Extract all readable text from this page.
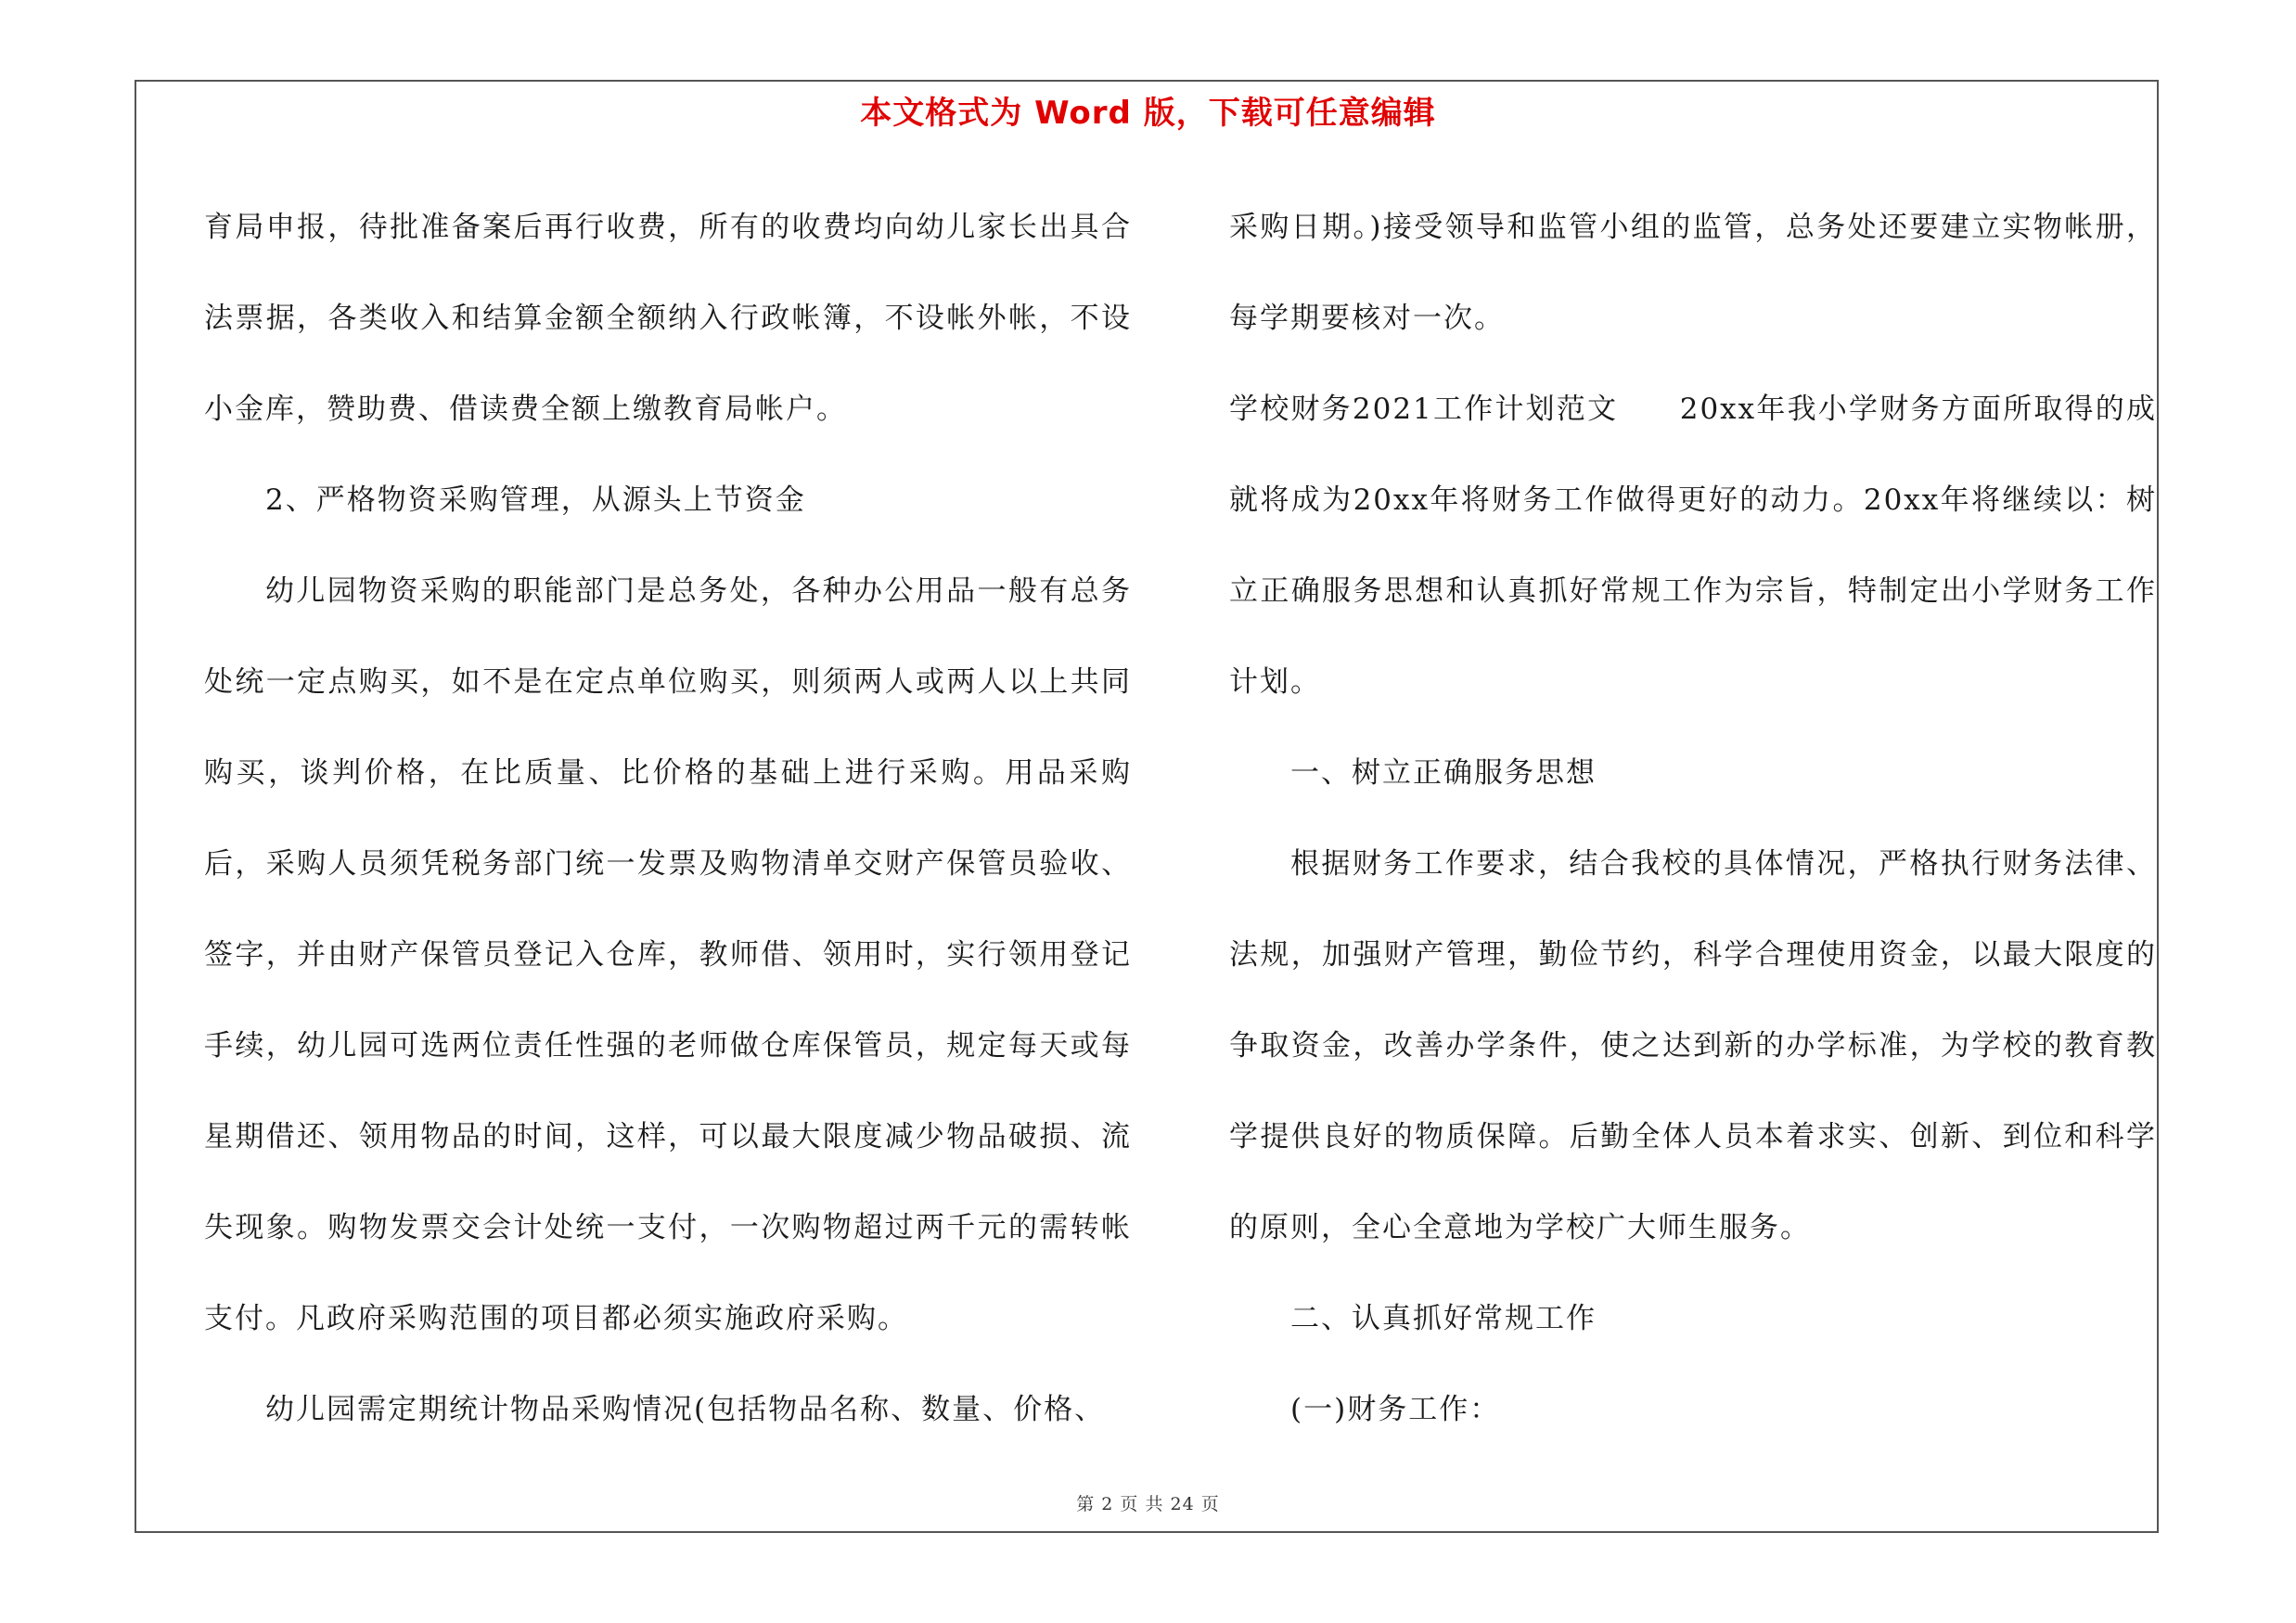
本文格式为 Word 版，下载可任意编辑

育局申报，待批准备案后再行收费，所有的收费均向幼儿家长出具合法票据，各类收入和结算金额全额纳入行政帐簿，不设帐外帐，不设小金库，赞助费、借读费全额上缴教育局帐户。

2、严格物资采购管理，从源头上节资金

幼儿园物资采购的职能部门是总务处，各种办公用品一般有总务处统一定点购买，如不是在定点单位购买，则须两人或两人以上共同购买，谈判价格，在比质量、比价格的基础上进行采购。用品采购后，采购人员须凭税务部门统一发票及购物清单交财产保管员验收、签字，并由财产保管员登记入仓库，教师借、领用时，实行领用登记手续，幼儿园可选两位责任性强的老师做仓库保管员，规定每天或每星期借还、领用物品的时间，这样，可以最大限度减少物品破损、流失现象。购物发票交会计处统一支付，一次购物超过两千元的需转帐支付。凡政府采购范围的项目都必须实施政府采购。

幼儿园需定期统计物品采购情况(包括物品名称、数量、价格、

采购日期。)接受领导和监管小组的监管，总务处还要建立实物帐册，每学期要核对一次。

学校财务2021工作计划范文　　20xx年我小学财务方面所取得的成就将成为20xx年将财务工作做得更好的动力。20xx年将继续以：树立正确服务思想和认真抓好常规工作为宗旨，特制定出小学财务工作计划。

一、树立正确服务思想

根据财务工作要求，结合我校的具体情况，严格执行财务法律、法规，加强财产管理，勤俭节约，科学合理使用资金，以最大限度的争取资金，改善办学条件，使之达到新的办学标准，为学校的教育教学提供良好的物质保障。后勤全体人员本着求实、创新、到位和科学的原则，全心全意地为学校广大师生服务。

二、认真抓好常规工作

(一)财务工作：

第 2 页 共 24 页
